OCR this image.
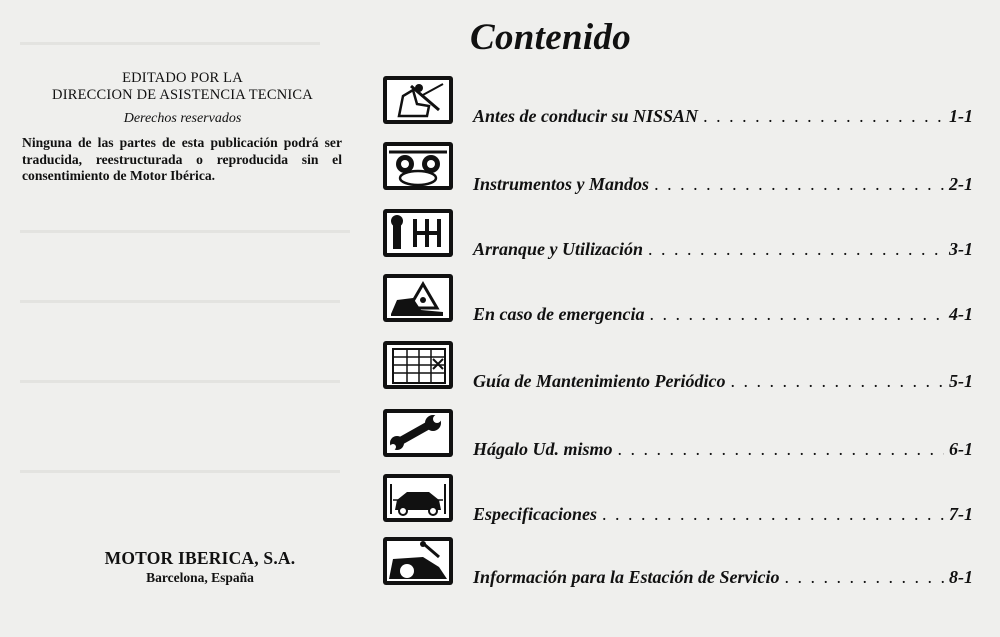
EDITADO POR LA
DIRECCION DE ASISTENCIA TECNICA
Derechos reservados
Ninguna de las partes de esta publicación podrá ser traducida, reestructurada o reproducida sin el consentimiento de Motor Ibérica.
MOTOR IBERICA, S.A.
Barcelona, España
Contenido
Antes de conducir su NISSAN . . .	1-1
Instrumentos y Mandos . . .	2-1
Arranque y Utilización . . .	3-1
En caso de emergencia . . .	4-1
Guía de Mantenimiento Periódico . . .	5-1
Hágalo Ud. mismo . . .	6-1
Especificaciones . . .	7-1
Información para la Estación de Servicio . . .	8-1
